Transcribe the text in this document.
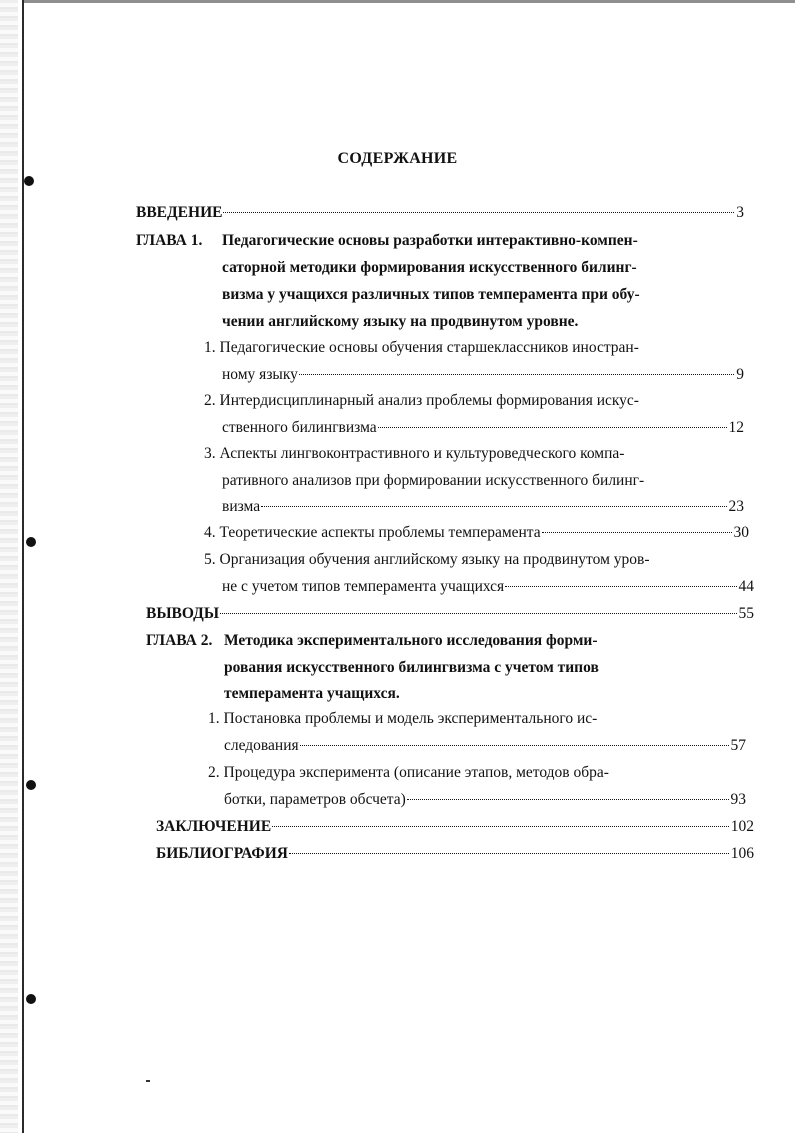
СОДЕРЖАНИЕ
ВВЕДЕНИЕ	3
ГЛАВА 1. Педагогические основы разработки интерактивно-компен-
саторной методики формирования искусственного билинг-
визма у учащихся различных типов темперамента при обу-
чении английскому языку на продвинутом уровне.
1. Педагогические основы обучения старшеклассников иностран-
ному языку	9
2. Интердисциплинарный анализ проблемы формирования искус-
ственного билингвизма	12
3. Аспекты лингвоконтрастивного и культуроведческого компа-
ративного анализов при формировании искусственного билинг-
визма	23
4. Теоретические аспекты проблемы темперамента	30
5. Организация обучения английскому языку на продвинутом уров-
не с учетом типов темперамента учащихся	44
ВЫВОДЫ	55
ГЛАВА 2. Методика экспериментального исследования форми-
рования искусственного билингвизма с учетом типов
темперамента учащихся.
1. Постановка проблемы и модель экспериментального ис-
следования	57
2. Процедура эксперимента (описание этапов, методов обра-
ботки, параметров обсчета)	93
ЗАКЛЮЧЕНИЕ	102
БИБЛИОГРАФИЯ	106
